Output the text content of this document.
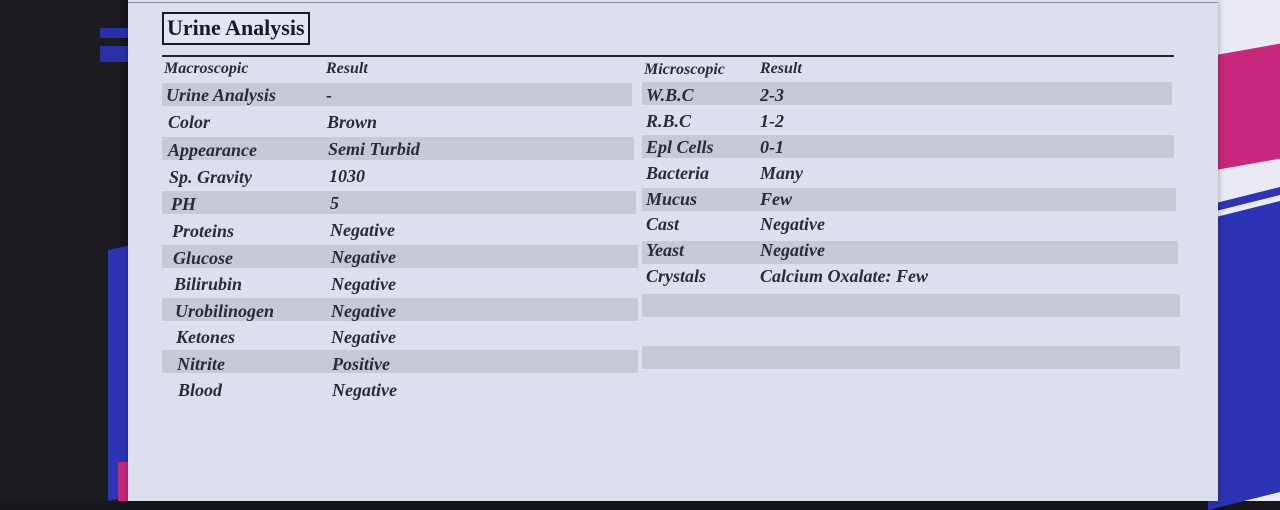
Urine Analysis
Macroscopic	Result
Urine Analysis	-
Color	Brown
Appearance	Semi Turbid
Sp. Gravity	1030
PH	5
Proteins	Negative
Glucose	Negative
Bilirubin	Negative
Urobilinogen	Negative
Ketones	Negative
Nitrite	Positive
Blood	Negative
Microscopic Result
W.B.C	2-3
R.B.C	1-2
Epl Cells	0-1
Bacteria	Many
Mucus	Few
Cast	Negative
Yeast	Negative
Crystals	Calcium Oxalate: Few
